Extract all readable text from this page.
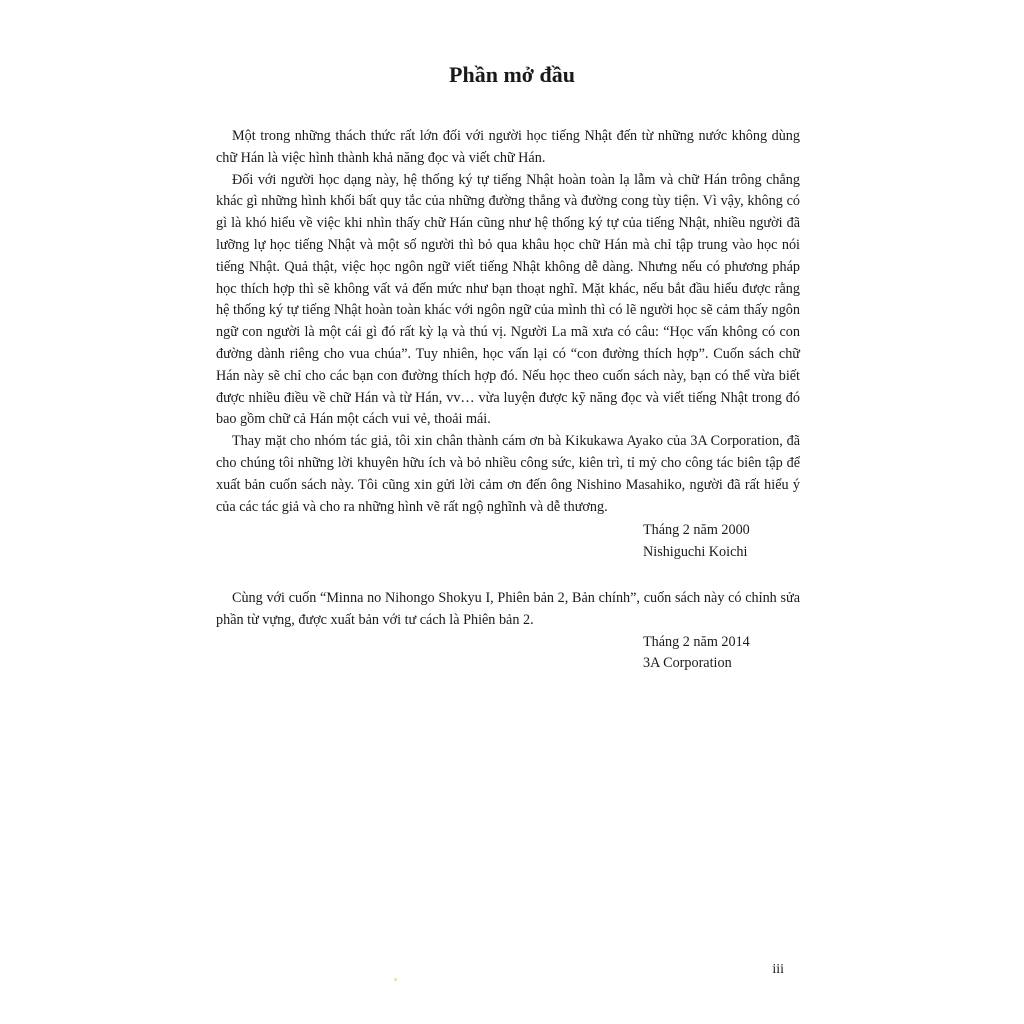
Phần mở đầu

Một trong những thách thức rất lớn đối với người học tiếng Nhật đến từ những nước không dùng chữ Hán là việc hình thành khả năng đọc và viết chữ Hán.

Đối với người học dạng này, hệ thống ký tự tiếng Nhật hoàn toàn lạ lẫm và chữ Hán trông chẳng khác gì những hình khối bất quy tắc của những đường thẳng và đường cong tùy tiện. Vì vậy, không có gì là khó hiểu về việc khi nhìn thấy chữ Hán cũng như hệ thống ký tự của tiếng Nhật, nhiều người đã lưỡng lự học tiếng Nhật và một số người thì bỏ qua khâu học chữ Hán mà chỉ tập trung vào học nói tiếng Nhật. Quả thật, việc học ngôn ngữ viết tiếng Nhật không dễ dàng. Nhưng nếu có phương pháp học thích hợp thì sẽ không vất vả đến mức như bạn thoạt nghĩ. Mặt khác, nếu bắt đầu hiểu được rằng hệ thống ký tự tiếng Nhật hoàn toàn khác với ngôn ngữ của mình thì có lẽ người học sẽ cảm thấy ngôn ngữ con người là một cái gì đó rất kỳ lạ và thú vị. Người La mã xưa có câu: “Học vấn không có con đường dành riêng cho vua chúa”. Tuy nhiên, học vấn lại có “con đường thích hợp”. Cuốn sách chữ Hán này sẽ chỉ cho các bạn con đường thích hợp đó. Nếu học theo cuốn sách này, bạn có thể vừa biết được nhiều điều về chữ Hán và từ Hán, vv… vừa luyện được kỹ năng đọc và viết tiếng Nhật trong đó bao gồm chữ cả Hán một cách vui vẻ, thoải mái.

Thay mặt cho nhóm tác giả, tôi xin chân thành cám ơn bà Kikukawa Ayako của 3A Corporation, đã cho chúng tôi những lời khuyên hữu ích và bỏ nhiều công sức, kiên trì, tỉ mỷ cho công tác biên tập để xuất bản cuốn sách này. Tôi cũng xin gửi lời cảm ơn đến ông Nishino Masahiko, người đã rất hiểu ý của các tác giả và cho ra những hình vẽ rất ngộ nghĩnh và dễ thương.

Tháng 2 năm 2000

Nishiguchi Koichi

Cùng với cuốn “Minna no Nihongo Shokyu I, Phiên bản 2, Bản chính”, cuốn sách này có chỉnh sửa phần từ vựng, được xuất bản với tư cách là Phiên bản 2.

Tháng 2 năm 2014

3A Corporation

iii
